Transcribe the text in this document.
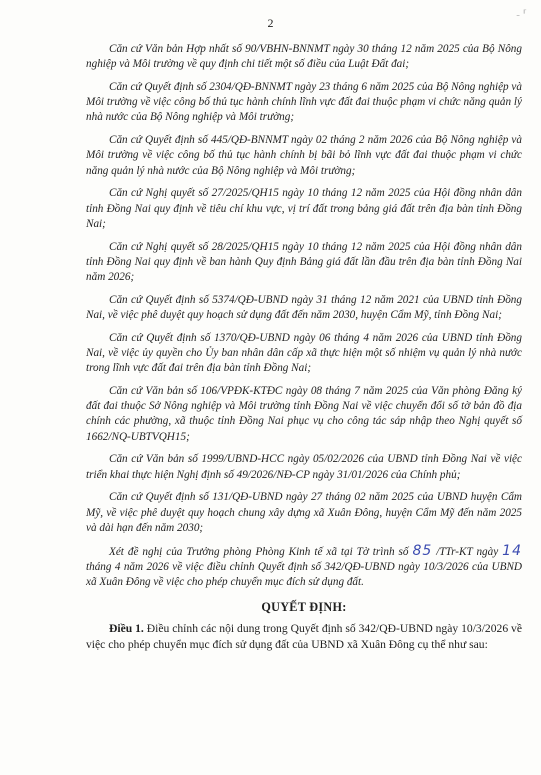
2
- ⸢

Căn cứ Văn bản Hợp nhất số 90/VBHN-BNNMT ngày 30 tháng 12 năm 2025 của Bộ Nông nghiệp và Môi trường về quy định chi tiết một số điều của Luật Đất đai;

Căn cứ Quyết định số 2304/QĐ-BNNMT ngày 23 tháng 6 năm 2025 của Bộ Nông nghiệp và Môi trường về việc công bố thủ tục hành chính lĩnh vực đất đai thuộc phạm vi chức năng quản lý nhà nước của Bộ Nông nghiệp và Môi trường;

Căn cứ Quyết định số 445/QĐ-BNNMT ngày 02 tháng 2 năm 2026 của Bộ Nông nghiệp và Môi trường về việc công bố thủ tục hành chính bị bãi bỏ lĩnh vực đất đai thuộc phạm vi chức năng quản lý nhà nước của Bộ Nông nghiệp và Môi trường;

Căn cứ Nghị quyết số 27/2025/QH15 ngày 10 tháng 12 năm 2025 của Hội đồng nhân dân tỉnh Đồng Nai quy định về tiêu chí khu vực, vị trí đất trong bảng giá đất trên địa bàn tỉnh Đồng Nai;

Căn cứ Nghị quyết số 28/2025/QH15 ngày 10 tháng 12 năm 2025 của Hội đồng nhân dân tỉnh Đồng Nai quy định về ban hành Quy định Bảng giá đất lần đầu trên địa bàn tỉnh Đồng Nai năm 2026;

Căn cứ Quyết định số 5374/QĐ-UBND ngày 31 tháng 12 năm 2021 của UBND tỉnh Đồng Nai, về việc phê duyệt quy hoạch sử dụng đất đến năm 2030, huyện Cẩm Mỹ, tỉnh Đồng Nai;

Căn cứ Quyết định số 1370/QĐ-UBND ngày 06 tháng 4 năm 2026 của UBND tỉnh Đồng Nai, về việc ủy quyền cho Ủy ban nhân dân cấp xã thực hiện một số nhiệm vụ quản lý nhà nước trong lĩnh vực đất đai trên địa bàn tỉnh Đồng Nai;

Căn cứ Văn bản số 106/VPĐK-KTĐC ngày 08 tháng 7 năm 2025 của Văn phòng Đăng ký đất đai thuộc Sở Nông nghiệp và Môi trường tỉnh Đồng Nai về việc chuyển đổi số tờ bản đồ địa chính các phường, xã thuộc tỉnh Đồng Nai phục vụ cho công tác sáp nhập theo Nghị quyết số 1662/NQ-UBTVQH15;

Căn cứ Văn bản số 1999/UBND-HCC ngày 05/02/2026 của UBND tỉnh Đồng Nai về việc triển khai thực hiện Nghị định số 49/2026/NĐ-CP ngày 31/01/2026 của Chính phủ;

Căn cứ Quyết định số 131/QĐ-UBND ngày 27 tháng 02 năm 2025 của UBND huyện Cẩm Mỹ, về việc phê duyệt quy hoạch chung xây dựng xã Xuân Đông, huyện Cẩm Mỹ đến năm 2025 và dài hạn đến năm 2030;

Xét đề nghị của Trưởng phòng Phòng Kinh tế xã tại Tờ trình số 85 /TTr-KT ngày 14 tháng 4 năm 2026 về việc điều chỉnh Quyết định số 342/QĐ-UBND ngày 10/3/2026 của UBND xã Xuân Đông về việc cho phép chuyển mục đích sử dụng đất.

QUYẾT ĐỊNH:

Điều 1. Điều chỉnh các nội dung trong Quyết định số 342/QĐ-UBND ngày 10/3/2026 về việc cho phép chuyển mục đích sử dụng đất của UBND xã Xuân Đông cụ thể như sau:
